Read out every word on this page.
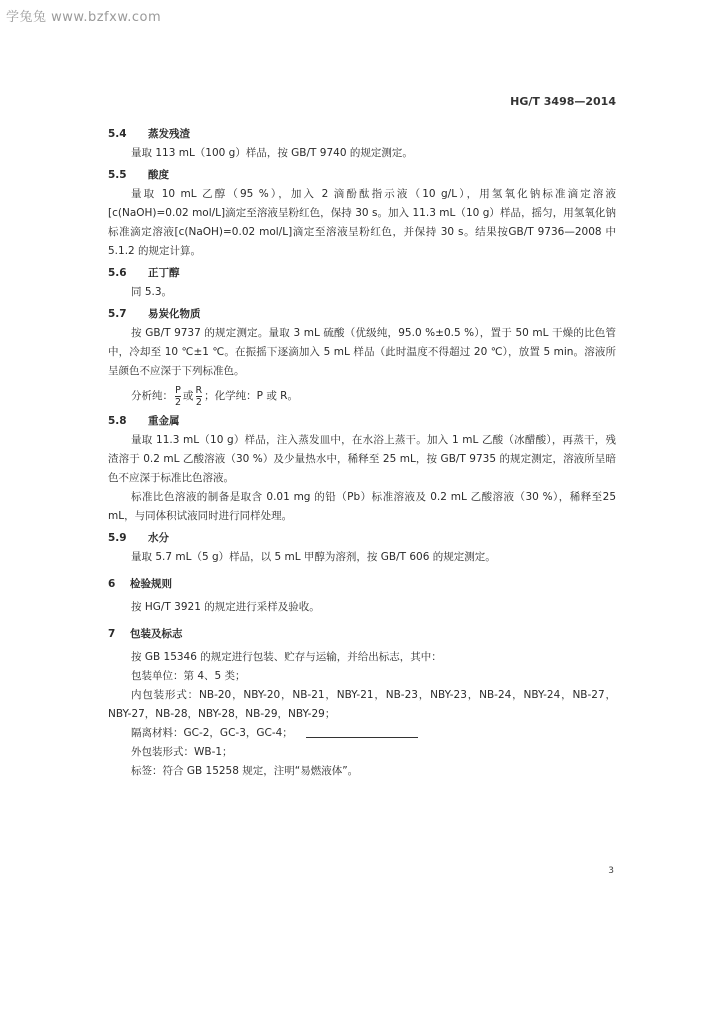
学兔兔 www.bzfxw.com
HG/T 3498—2014
5.4 蒸发残渣
量取 113 mL（100 g）样品，按 GB/T 9740 的规定测定。
5.5 酸度
量取 10 mL 乙醇（95 %），加入 2 滴酚酞指示液（10 g/L），用氢氧化钠标准滴定溶液[c(NaOH)=0.02 mol/L]滴定至溶液呈粉红色，保持 30 s。加入 11.3 mL（10 g）样品，摇匀，用氢氧化钠标准滴定溶液[c(NaOH)=0.02 mol/L]滴定至溶液呈粉红色，并保持 30 s。结果按GB/T 9736—2008 中 5.1.2 的规定计算。
5.6 正丁醇
同 5.3。
5.7 易炭化物质
按 GB/T 9737 的规定测定。量取 3 mL 硫酸（优级纯，95.0 %±0.5 %），置于 50 mL 干燥的比色管中，冷却至 10 ℃±1 ℃。在振摇下逐滴加入 5 mL 样品（此时温度不得超过 20 ℃），放置 5 min。溶液所呈颜色不应深于下列标准色。
分析纯： $\frac{P}{2}$ 或 $\frac{R}{2}$ ；化学纯：P 或 R。
5.8 重金属
量取 11.3 mL（10 g）样品，注入蒸发皿中，在水浴上蒸干。加入 1 mL 乙酸（冰醋酸），再蒸干，残渣溶于 0.2 mL 乙酸溶液（30 %）及少量热水中，稀释至 25 mL，按 GB/T 9735 的规定测定，溶液所呈暗色不应深于标准比色溶液。
标准比色溶液的制备是取含 0.01 mg 的铅（Pb）标准溶液及 0.2 mL 乙酸溶液（30 %），稀释至25 mL，与同体积试液同时进行同样处理。
5.9 水分
量取 5.7 mL（5 g）样品，以 5 mL 甲醇为溶剂，按 GB/T 606 的规定测定。
6 检验规则
按 HG/T 3921 的规定进行采样及验收。
7 包装及标志
按 GB 15346 的规定进行包装、贮存与运输，并给出标志，其中：
包装单位：第 4、5 类；
内包装形式：NB-20，NBY-20，NB-21，NBY-21，NB-23，NBY-23，NB-24，NBY-24，NB-27，NBY-27，NB-28，NBY-28，NB-29，NBY-29；
隔离材料：GC-2，GC-3，GC-4；
外包装形式：WB-1；
标签：符合 GB 15258 规定，注明“易燃液体”。
3
